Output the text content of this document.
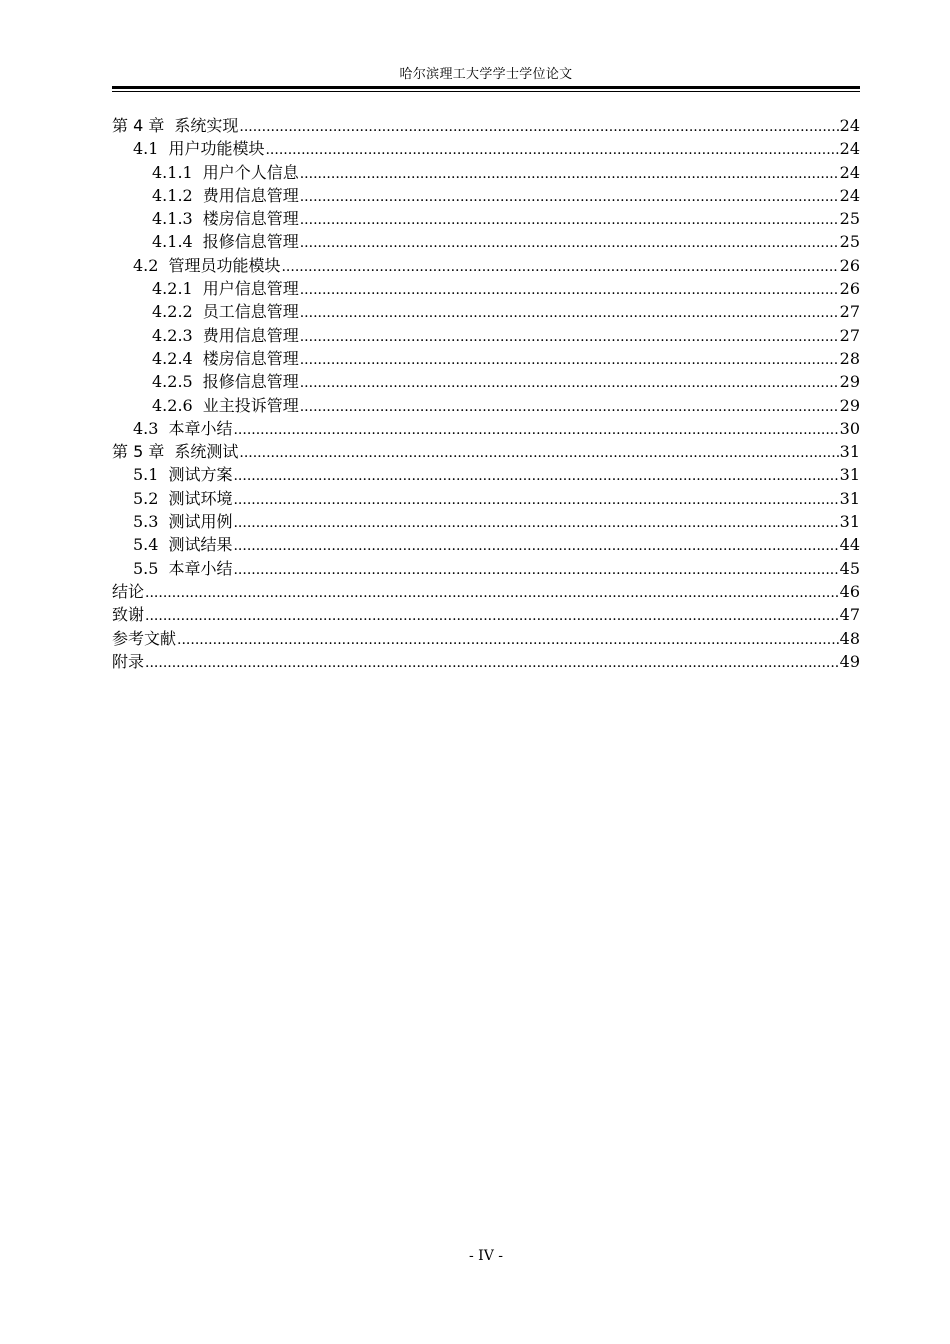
哈尔滨理工大学学士学位论文
第 4 章 系统实现 .....	24
4.1 用户功能模块 .....	24
4.1.1 用户个人信息 .....	24
4.1.2 费用信息管理 .....	24
4.1.3 楼房信息管理 .....	25
4.1.4 报修信息管理 .....	25
4.2 管理员功能模块 .....	26
4.2.1 用户信息管理 .....	26
4.2.2 员工信息管理 .....	27
4.2.3 费用信息管理 .....	27
4.2.4 楼房信息管理 .....	28
4.2.5 报修信息管理 .....	29
4.2.6 业主投诉管理 .....	29
4.3 本章小结 .....	30
第 5 章 系统测试 .....	31
5.1 测试方案 .....	31
5.2 测试环境 .....	31
5.3 测试用例 .....	31
5.4 测试结果 .....	44
5.5 本章小结 .....	45
结论 .....	46
致谢 .....	47
参考文献 .....	48
附录 .....	49
- IV -
